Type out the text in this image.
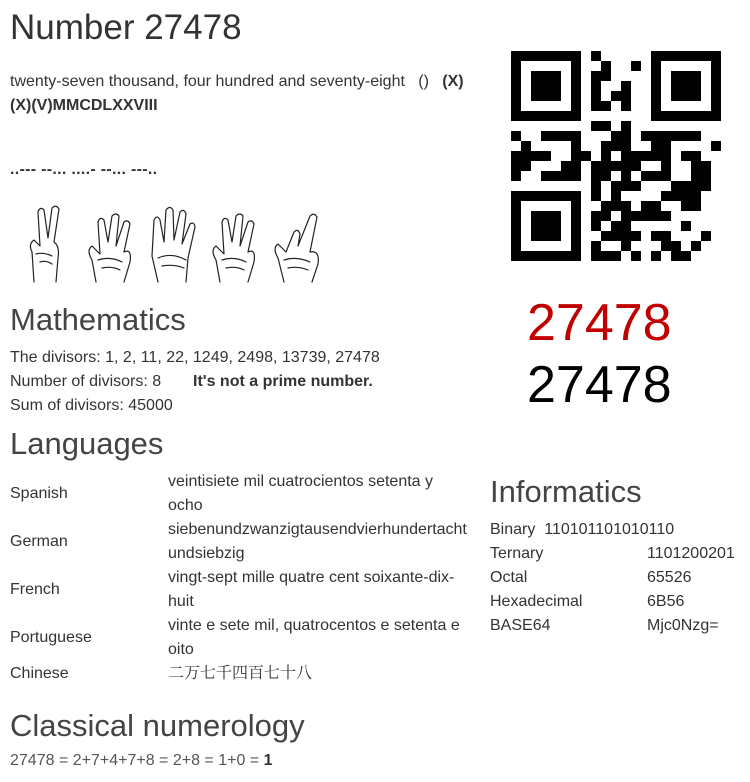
Number 27478
twenty-seven thousand, four hundred and seventy-eight () (X)
(X)(V)MMCDLXXVIII
..--- --... ....- --... ---..
Mathematics
The divisors: 1, 2, 11, 22, 1249, 2498, 13739, 27478
Number of divisors: 8 It's not a prime number.
Sum of divisors: 45000
27478
27478
Languages
Spanish	veintisiete mil cuatrocientos setenta y
ocho
German	siebenundzwanzigtausendvierhundertacht
undsiebzig
French	vingt-sept mille quatre cent soixante-dix-
huit
Portuguese	vinte e sete mil, quatrocentos e setenta e
oito
Chinese	二万七千四百七十八
Informatics
Binary 110101101010110
Ternary	1101200201
Octal	65526
Hexadecimal	6B56
BASE64	Mjc0Nzg=
Classical numerology
27478 = 2+7+4+7+8 = 2+8 = 1+0 = 1
